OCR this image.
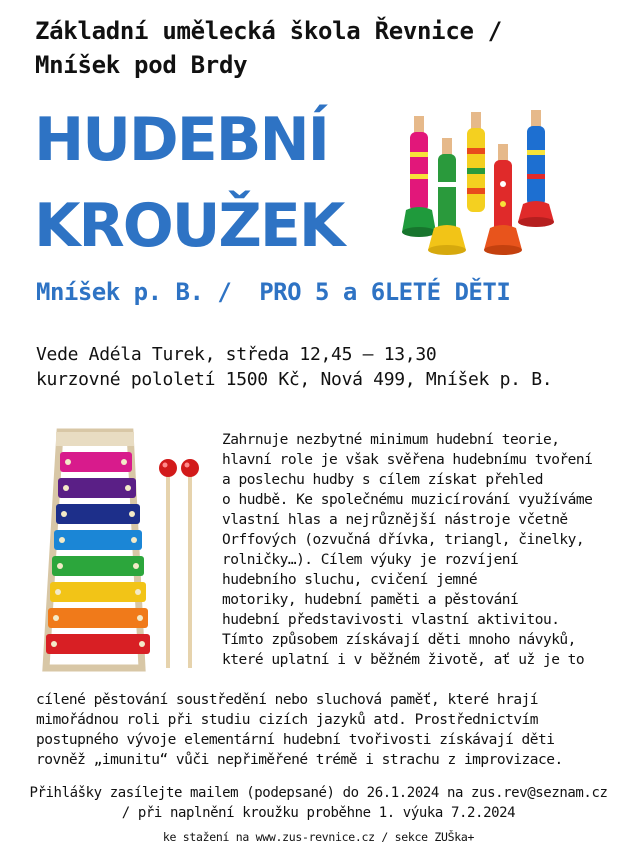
Základní umělecká škola Řevnice /
Mníšek pod Brdy
HUDEBNÍ
KROUŽEK
Mníšek p. B. /  PRO 5 a 6LETÉ DĚTI
Vede Adéla Turek, středa 12,45 – 13,30
kurzovné pololetí 1500 Kč, Nová 499, Mníšek p. B.
Zahrnuje nezbytné minimum hudební teorie,
hlavní role je však svěřena hudebnímu tvoření
a poslechu hudby s cílem získat přehled
o hudbě. Ke společnému muzicírování využíváme
vlastní hlas a nejrůznější nástroje včetně
Orffových (ozvučná dřívka, triangl, činelky,
rolničky…). Cílem výuky je rozvíjení
hudebního sluchu, cvičení jemné
motoriky, hudební paměti a pěstování
hudební představivosti vlastní aktivitou.
Tímto způsobem získávají děti mnoho návyků,
které uplatní i v běžném životě, ať už je to
cílené pěstování soustředění nebo sluchová paměť, které hrají
mimořádnou roli při studiu cizích jazyků atd. Prostřednictvím
postupného vývoje elementární hudební tvořivosti získávají děti
rovněž „imunitu“ vůči nepřiměřené trémě i strachu z improvizace.
Přihlášky zasílejte mailem (podepsané) do 26.1.2024 na zus.rev@seznam.cz
/ při naplnění kroužku proběhne 1. výuka 7.2.2024
ke stažení na www.zus-revnice.cz / sekce ZUŠka+
